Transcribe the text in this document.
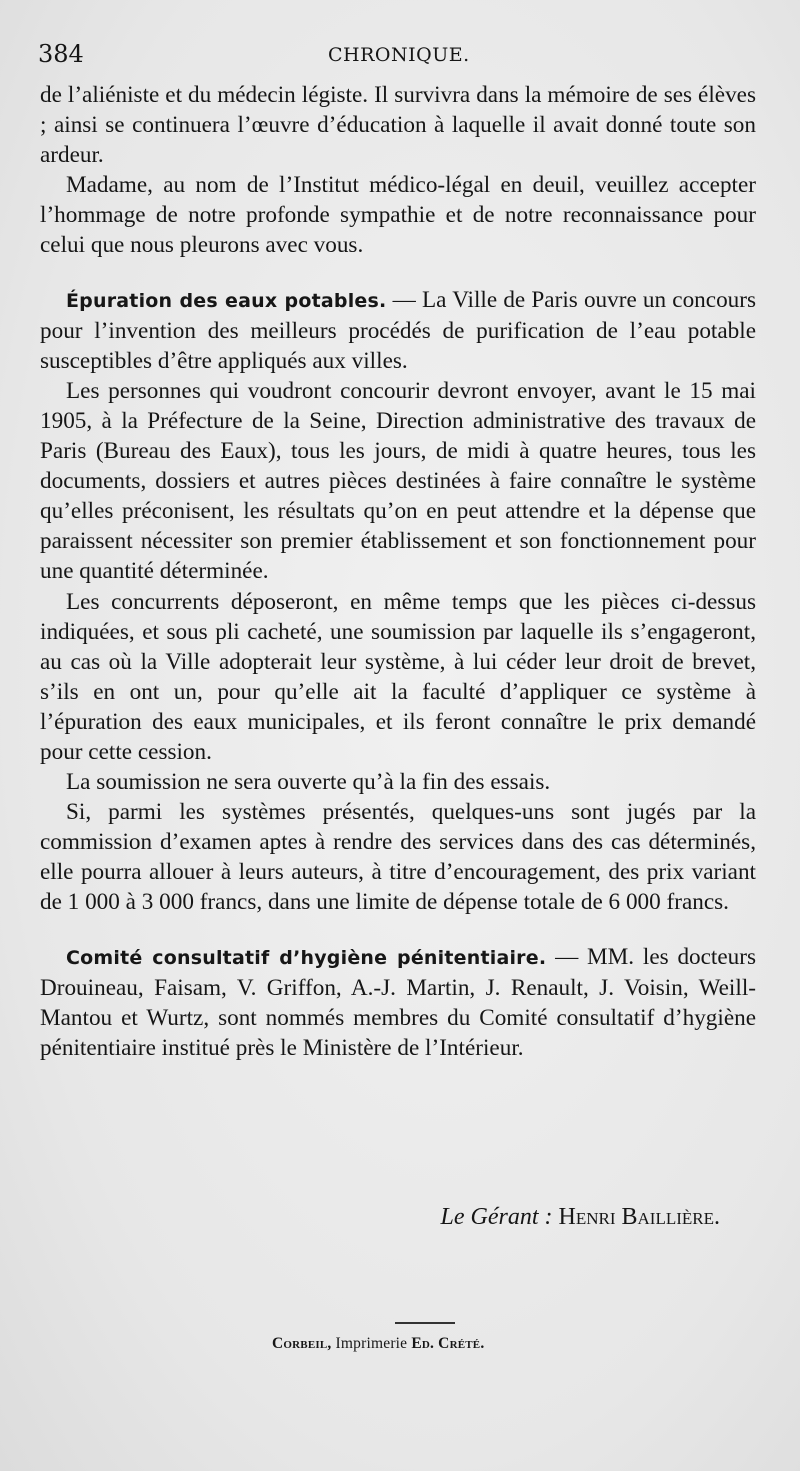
384	CHRONIQUE.

de l’aliéniste et du médecin légiste. Il survivra dans la mémoire de ses élèves ; ainsi se continuera l’œuvre d’éducation à laquelle il avait donné toute son ardeur.

Madame, au nom de l’Institut médico-légal en deuil, veuillez accepter l’hommage de notre profonde sympathie et de notre reconnaissance pour celui que nous pleurons avec vous.

Épuration des eaux potables. — La Ville de Paris ouvre un concours pour l’invention des meilleurs procédés de purification de l’eau potable susceptibles d’être appliqués aux villes.

Les personnes qui voudront concourir devront envoyer, avant le 15 mai 1905, à la Préfecture de la Seine, Direction administrative des travaux de Paris (Bureau des Eaux), tous les jours, de midi à quatre heures, tous les documents, dossiers et autres pièces destinées à faire connaître le système qu’elles préconisent, les résultats qu’on en peut attendre et la dépense que paraissent nécessiter son premier établissement et son fonctionnement pour une quantité déterminée.

Les concurrents déposeront, en même temps que les pièces ci-dessus indiquées, et sous pli cacheté, une soumission par laquelle ils s’engageront, au cas où la Ville adopterait leur système, à lui céder leur droit de brevet, s’ils en ont un, pour qu’elle ait la faculté d’appliquer ce système à l’épuration des eaux municipales, et ils feront connaître le prix demandé pour cette cession.

La soumission ne sera ouverte qu’à la fin des essais.

Si, parmi les systèmes présentés, quelques-uns sont jugés par la commission d’examen aptes à rendre des services dans des cas déterminés, elle pourra allouer à leurs auteurs, à titre d’encouragement, des prix variant de 1 000 à 3 000 francs, dans une limite de dépense totale de 6 000 francs.

Comité consultatif d’hygiène pénitentiaire. — MM. les docteurs Drouineau, Faisam, V. Griffon, A.-J. Martin, J. Renault, J. Voisin, Weill-Mantou et Wurtz, sont nommés membres du Comité consultatif d’hygiène pénitentiaire institué près le Ministère de l’Intérieur.

Le Gérant : Henri Baillière.
Corbeil, Imprimerie Ed. Crété.
